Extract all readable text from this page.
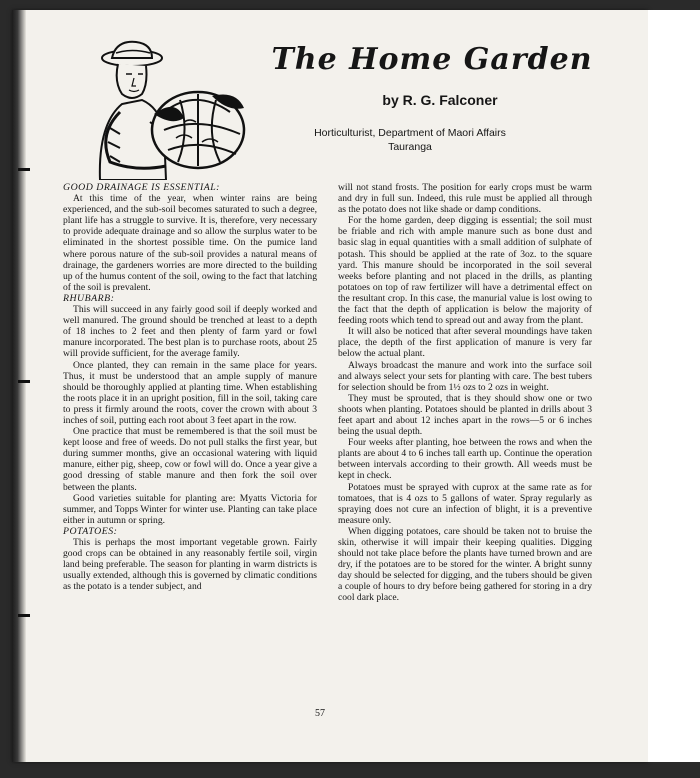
The Home Garden
by R. G. Falconer
Horticulturist, Department of Maori Affairs
Tauranga
GOOD DRAINAGE IS ESSENTIAL:

At this time of the year, when winter rains are being experienced, and the sub-soil becomes saturated to such a degree, plant life has a struggle to survive. It is, therefore, very necessary to provide adequate drainage and so allow the surplus water to be eliminated in the shortest possible time. On the pumice land where porous nature of the sub-soil provides a natural means of drainage, the gardeners worries are more directed to the building up of the humus content of the soil, owing to the fact that latching of the soil is prevalent.

RHUBARB:

This will succeed in any fairly good soil if deeply worked and well manured. The ground should be trenched at least to a depth of 18 inches to 2 feet and then plenty of farm yard or fowl manure incorporated. The best plan is to purchase roots, about 25 will provide sufficient, for the average family.

Once planted, they can remain in the same place for years. Thus, it must be understood that an ample supply of manure should be thoroughly applied at planting time. When establishing the roots place it in an upright position, fill in the soil, taking care to press it firmly around the roots, cover the crown with about 3 inches of soil, putting each root about 3 feet apart in the row.

One practice that must be remembered is that the soil must be kept loose and free of weeds. Do not pull stalks the first year, but during summer months, give an occasional watering with liquid manure, either pig, sheep, cow or fowl will do. Once a year give a good dressing of stable manure and then fork the soil over between the plants.

Good varieties suitable for planting are: Myatts Victoria for summer, and Topps Winter for winter use. Planting can take place either in autumn or spring.

POTATOES:

This is perhaps the most important vegetable grown. Fairly good crops can be obtained in any reasonably fertile soil, virgin land being preferable. The season for planting in warm districts is usually extended, although this is governed by climatic conditions as the potato is a tender subject, and

will not stand frosts. The position for early crops must be warm and dry in full sun. Indeed, this rule must be applied all through as the potato does not like shade or damp conditions.

For the home garden, deep digging is essential; the soil must be friable and rich with ample manure such as bone dust and basic slag in equal quantities with a small addition of sulphate of potash. This should be applied at the rate of 3oz. to the square yard. This manure should be incorporated in the soil several weeks before planting and not placed in the drills, as planting potatoes on top of raw fertilizer will have a detrimental effect on the resultant crop. In this case, the manurial value is lost owing to the fact that the depth of application is below the majority of feeding roots which tend to spread out and away from the plant.

It will also be noticed that after several moundings have taken place, the depth of the first application of manure is very far below the actual plant.

Always broadcast the manure and work into the surface soil and always select your sets for planting with care. The best tubers for selection should be from 1½ ozs to 2 ozs in weight.

They must be sprouted, that is they should show one or two shoots when planting. Potatoes should be planted in drills about 3 feet apart and about 12 inches apart in the rows—5 or 6 inches being the usual depth.

Four weeks after planting, hoe between the rows and when the plants are about 4 to 6 inches tall earth up. Continue the operation between intervals according to their growth. All weeds must be kept in check.

Potatoes must be sprayed with cuprox at the same rate as for tomatoes, that is 4 ozs to 5 gallons of water. Spray regularly as spraying does not cure an infection of blight, it is a preventive measure only.

When digging potatoes, care should be taken not to bruise the skin, otherwise it will impair their keeping qualities. Digging should not take place before the plants have turned brown and are dry, if the potatoes are to be stored for the winter. A bright sunny day should be selected for digging, and the tubers should be given a couple of hours to dry before being gathered for storing in a dry cool dark place.

57
